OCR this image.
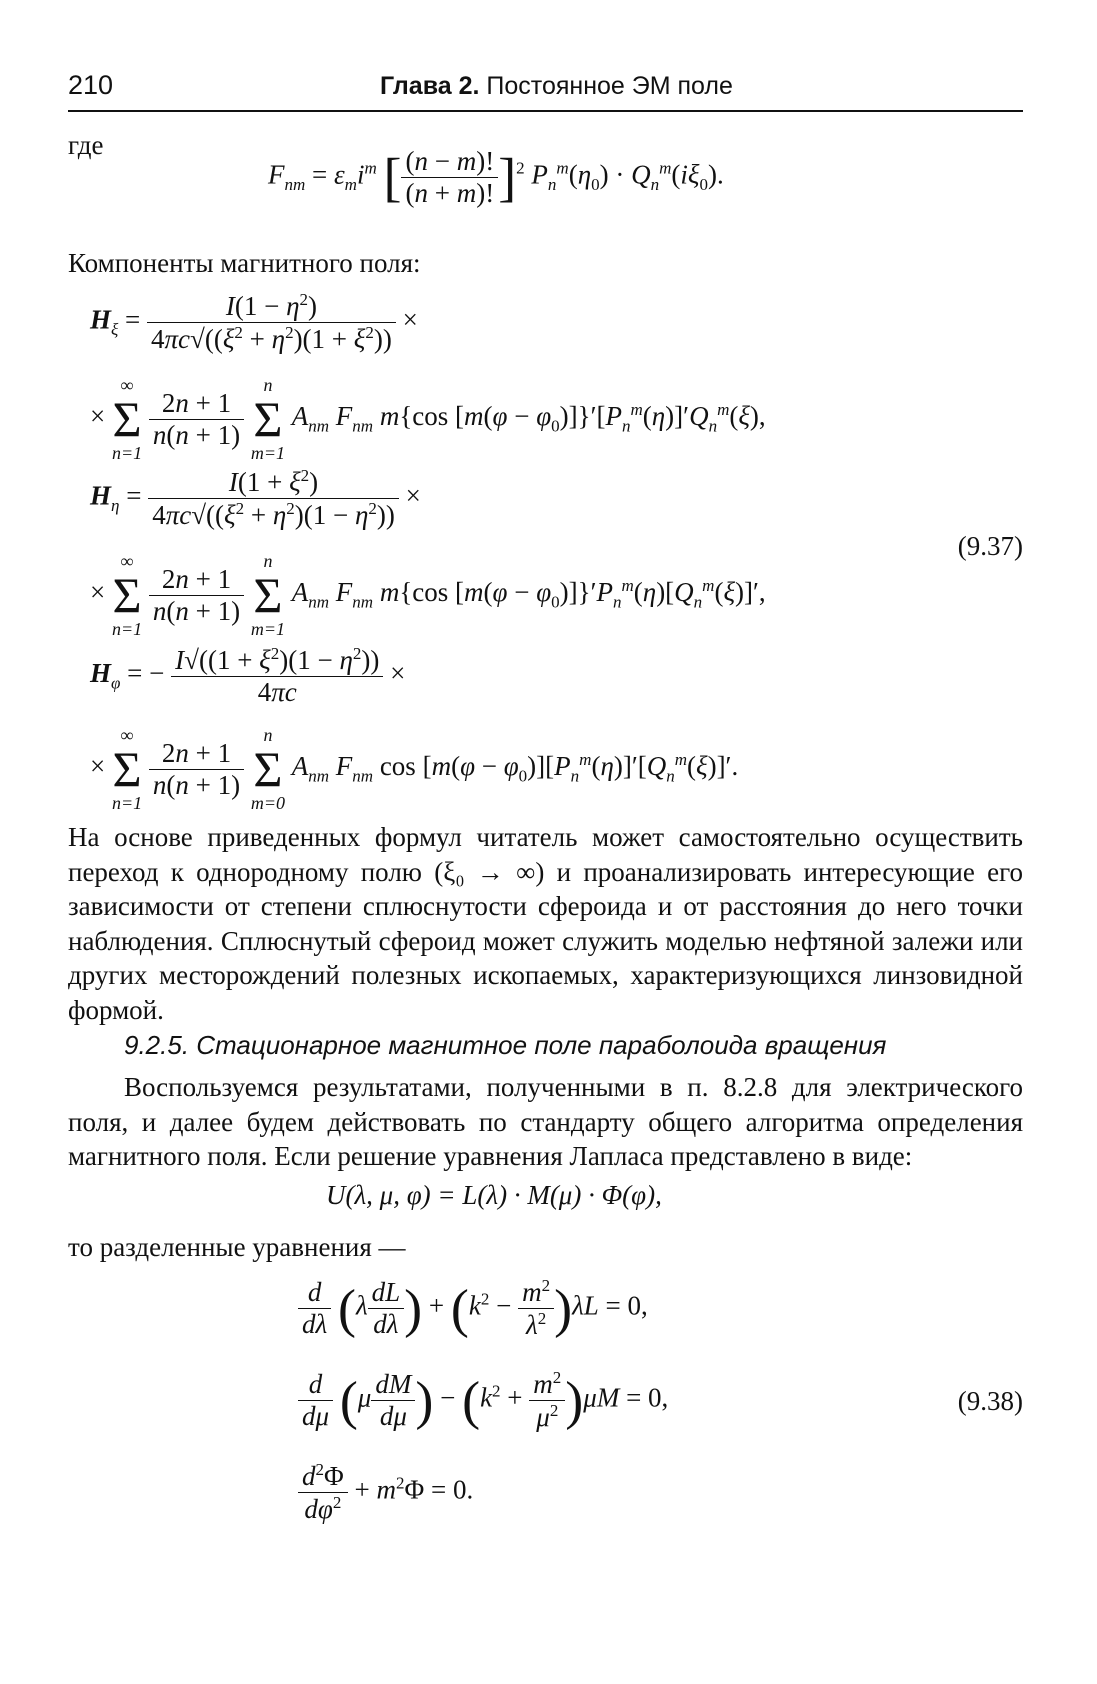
210	Глава 2. Постоянное ЭМ поле
где
$F_{nm} = \varepsilon_mi^m$ [ $\frac{(n - m)!}{(n + m)!} ]^2$ $P_n^m(\eta_0) \cdot Q_n^m(i\xi_0)$.
Компоненты магнитного поля:
$H_\xi = \frac{I(1 - \eta^2)}{4\pi c√((\xi^2 + \eta^2)(1 + \xi^2))}$ ×
×
∞
Σ
n=1

$\frac{2n + 1}{n(n + 1)}$

n
Σ
m=1
$A_{nm}$ $F_{nm}$ m{cos $[m(\varphi - \varphi_0)]\}'[P_n^m(\eta)]'Q_n^m(\xi)$,
$H_\eta = \frac{I(1 + \xi^2)}{4\pi c√((\xi^2 + \eta^2)(1 - \eta^2))}$ ×
×
∞
Σ
n=1

$\frac{2n + 1}{n(n + 1)}$

n
Σ
m=1
$A_{nm}$ $F_{nm}$ m{cos $[m(\varphi - \varphi_0)]\}'P_n^m(\eta)[Q_n^m(\xi)]'$,
(9.37)
$H_\varphi$ = − $\frac{I√((1 + \xi^2)(1 - \eta^2))}{4\pi c}$ ×
×
∞
Σ
n=1

$\frac{2n + 1}{n(n + 1)}$

n
Σ
m=0
$A_{nm}$ $F_{nm}$ $\cos [m(\varphi - \varphi_0)][P_n^m(\eta)]'[Q_n^m(\xi)]'$.
На основе приведенных формул читатель может самостоятельно осуществить переход к однородному полю (ξ₀ → ∞) и проанализировать интересующие его зависимости от степени сплюснутости сфероида и от расстояния до него точки наблюдения. Сплюснутый сфероид может служить моделью нефтяной залежи или других месторождений полезных ископаемых, характеризующихся линзовидной формой.
9.2.5. Стационарное магнитное поле параболоида вращения
Воспользуемся результатами, полученными в п. 8.2.8 для электрического поля, и далее будем действовать по стандарту общего алгоритма определения магнитного поля. Если решение уравнения Лапласа представлено в виде:
U(λ, μ, φ) = L(λ) · M(μ) · Φ(φ),
то разделенные уравнения —
$\frac{d}{d\lambda} (\lambda \frac{dL}{d\lambda}$ ) + $(k^2 - \frac{m^2}{\lambda^2} )\lambda L = 0$,
$\frac{d}{d\mu} (\mu \frac{dM}{d\mu}$ ) − $(k^2 + \frac{m^2}{\mu^2} )\mu M = 0$,	(9.38)
$\frac{d^2\Phi}{d\varphi^2} + m^2\Phi = 0$.
